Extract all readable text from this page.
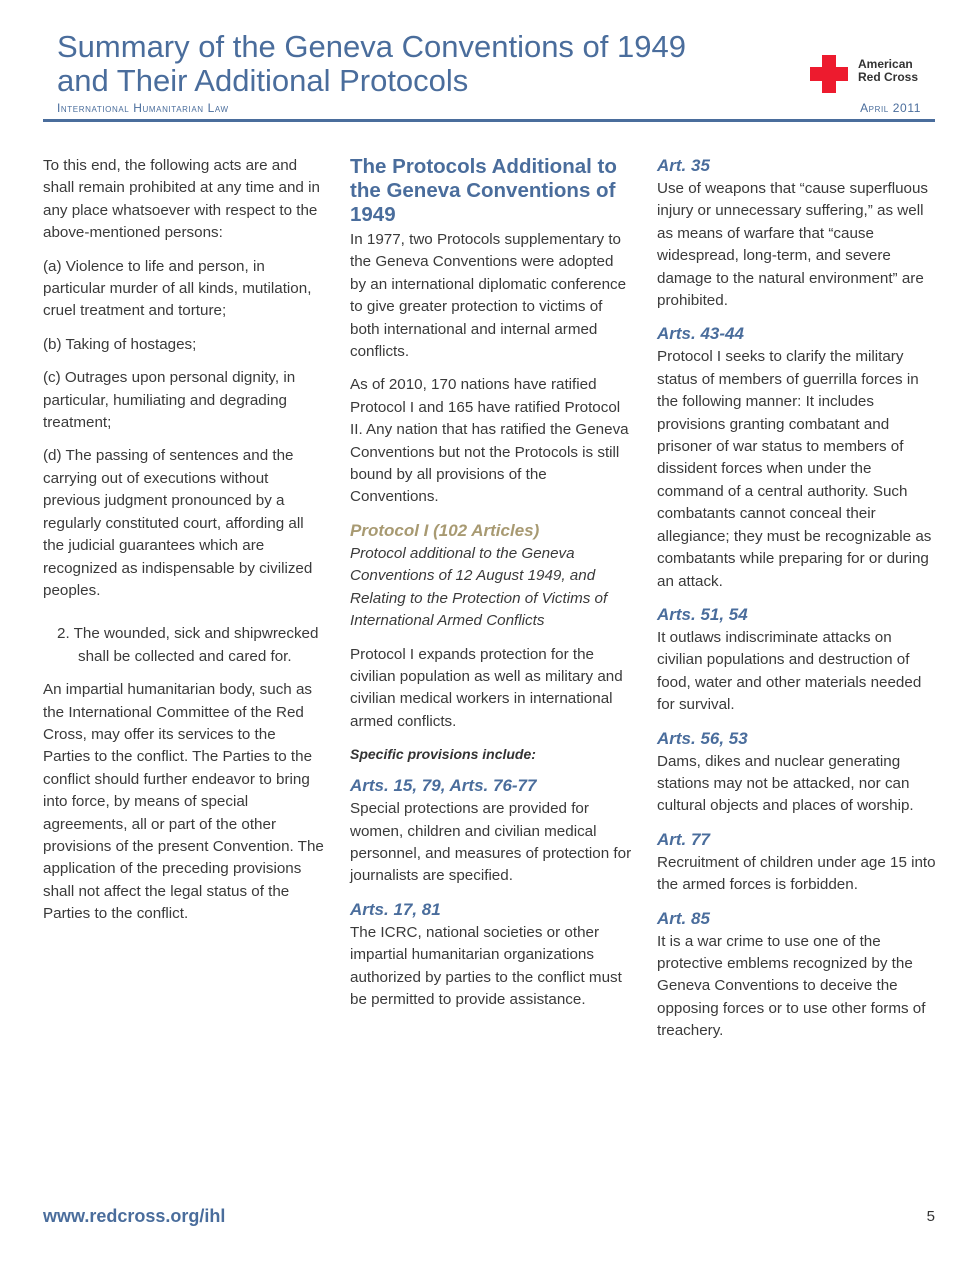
Summary of the Geneva Conventions of 1949
and Their Additional Protocols
International Humanitarian Law	April 2011
American
Red Cross

To this end, the following acts are and shall remain prohibited at any time and in any place whatsoever with respect to the above-mentioned persons:

(a) Violence to life and person, in particular murder of all kinds, mutilation, cruel treatment and torture;

(b) Taking of hostages;

(c) Outrages upon personal dignity, in particular, humiliating and degrading treatment;

(d) The passing of sentences and the carrying out of executions without previous judgment pronounced by a regularly constituted court, affording all the judicial guarantees which are recognized as indispensable by civilized peoples.

2. The wounded, sick and shipwrecked shall be collected and cared for.

An impartial humanitarian body, such as the International Committee of the Red Cross, may offer its services to the Parties to the conflict. The Parties to the conflict should further endeavor to bring into force, by means of special agreements, all or part of the other provisions of the present Convention. The application of the preceding provisions shall not affect the legal status of the Parties to the conflict.

The Protocols Additional to the Geneva Conventions of 1949

In 1977, two Protocols supplementary to the Geneva Conventions were adopted by an international diplomatic conference to give greater protection to victims of both international and internal armed conflicts.

As of 2010, 170 nations have ratified Protocol I and 165 have ratified Protocol II. Any nation that has ratified the Geneva Conventions but not the Protocols is still bound by all provisions of the Conventions.

Protocol I (102 Articles)

Protocol additional to the Geneva Conventions of 12 August 1949, and Relating to the Protection of Victims of International Armed Conflicts

Protocol I expands protection for the civilian population as well as military and civilian medical workers in international armed conflicts.

Specific provisions include:

Arts. 15, 79, Arts. 76-77

Special protections are provided for women, children and civilian medical personnel, and measures of protection for journalists are specified.

Arts. 17, 81

The ICRC, national societies or other impartial humanitarian organizations authorized by parties to the conflict must be permitted to provide assistance.

Art. 35

Use of weapons that “cause superfluous injury or unnecessary suffering,” as well as means of warfare that “cause widespread, long-term, and severe damage to the natural environment” are prohibited.

Arts. 43-44

Protocol I seeks to clarify the military status of members of guerrilla forces in the following manner: It includes provisions granting combatant and prisoner of war status to members of dissident forces when under the command of a central authority. Such combatants cannot conceal their allegiance; they must be recognizable as combatants while preparing for or during an attack.

Arts. 51, 54

It outlaws indiscriminate attacks on civilian populations and destruction of food, water and other materials needed for survival.

Arts. 56, 53

Dams, dikes and nuclear generating stations may not be attacked, nor can cultural objects and places of worship.

Art. 77

Recruitment of children under age 15 into the armed forces is forbidden.

Art. 85

It is a war crime to use one of the protective emblems recognized by the Geneva Conventions to deceive the opposing forces or to use other forms of treachery.

www.redcross.org/ihl	5
